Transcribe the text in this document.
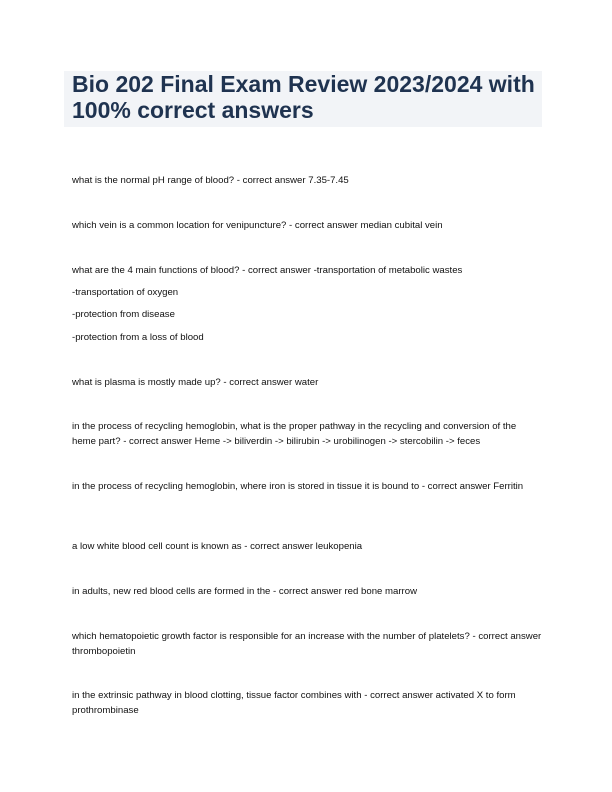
Bio 202 Final Exam Review 2023/2024 with 100% correct answers
what is the normal pH range of blood? - correct answer 7.35-7.45
which vein is a common location for venipuncture? - correct answer median cubital vein
what are the 4 main functions of blood? - correct answer -transportation of metabolic wastes
-transportation of oxygen
-protection from disease
-protection from a loss of blood
what is plasma is mostly made up? - correct answer water
in the process of recycling hemoglobin, what is the proper pathway in the recycling and conversion of the heme part? - correct answer Heme -> biliverdin -> bilirubin -> urobilinogen -> stercobilin -> feces
in the process of recycling hemoglobin, where iron is stored in tissue it is bound to - correct answer Ferritin
a low white blood cell count is known as - correct answer leukopenia
in adults, new red blood cells are formed in the - correct answer red bone marrow
which hematopoietic growth factor is responsible for an increase with the number of platelets? - correct answer thrombopoietin
in the extrinsic pathway in blood clotting, tissue factor combines with - correct answer activated X to form prothrombinase
